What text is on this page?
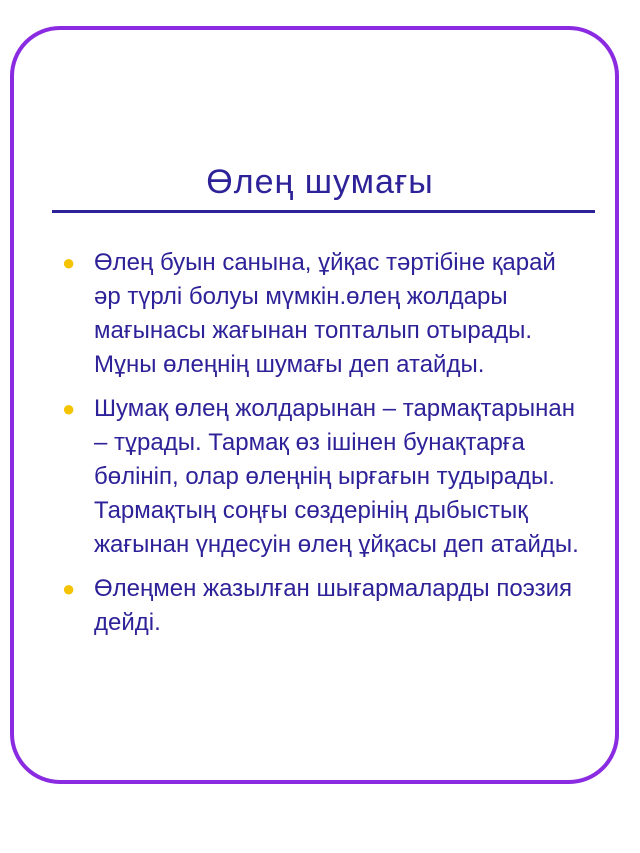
Өлең шумағы
● Өлең буын санына, ұйқас тәртібіне қарай әр түрлі болуы мүмкін.өлең жолдары мағынасы жағынан топталып отырады. Мұны өлеңнің шумағы деп атайды.
● Шумақ өлең жолдарынан – тармақтарынан – тұрады. Тармақ өз ішінен бунақтарға бөлініп, олар өлеңнің ырғағын тудырады. Тармақтың соңғы сөздерінің дыбыстық жағынан үндесуін өлең ұйқасы деп атайды.
● Өлеңмен жазылған шығармаларды поэзия дейді.
